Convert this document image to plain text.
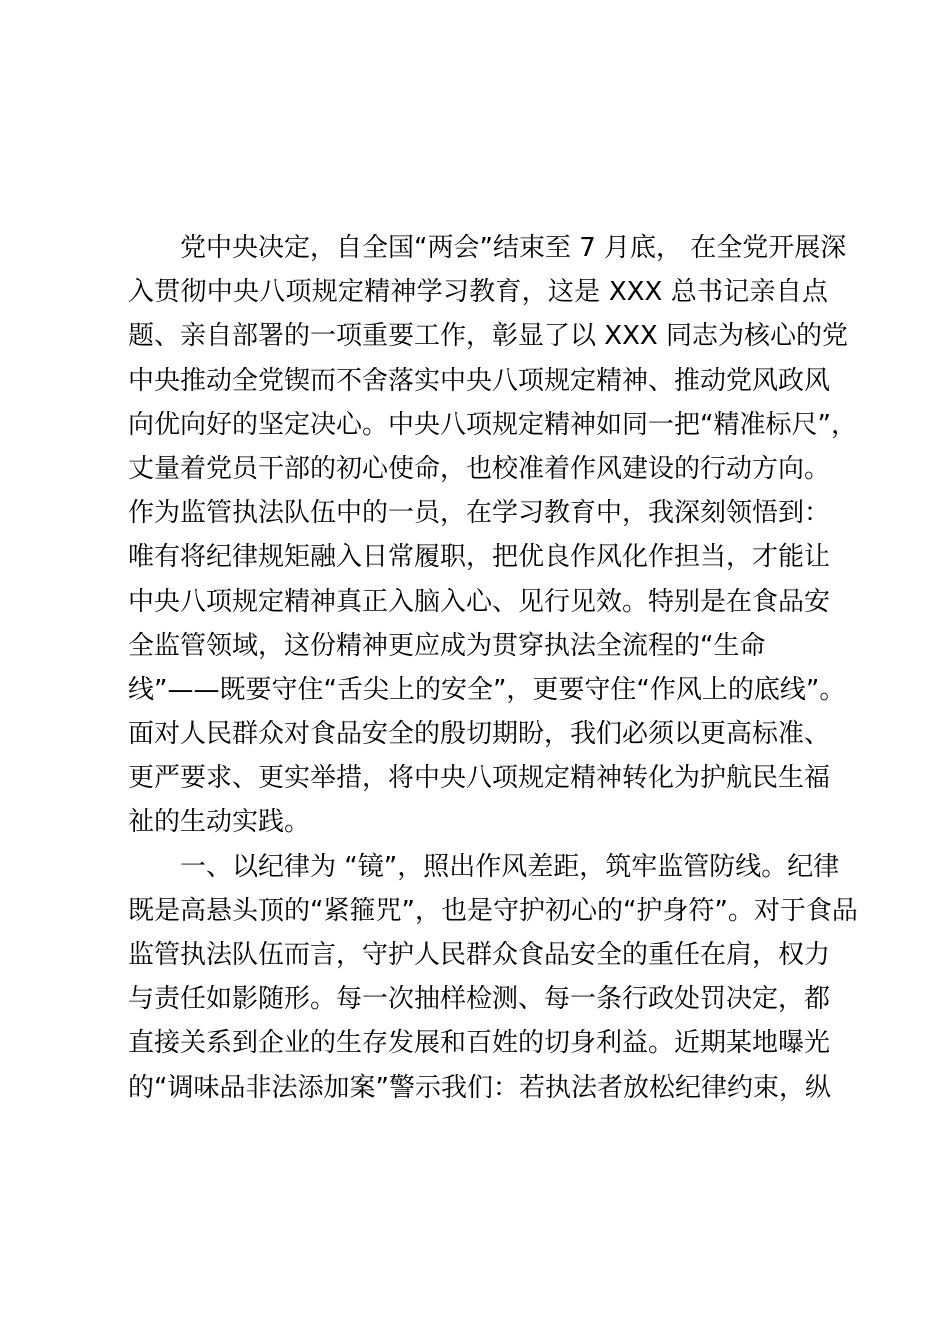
党中央决定，自全国“两会”结束至 7 月底， 在全党开展深
入贯彻中央八项规定精神学习教育，这是 XXX 总书记亲自点
题、亲自部署的一项重要工作，彰显了以 XXX 同志为核心的党
中央推动全党锲而不舍落实中央八项规定精神、推动党风政风
向优向好的坚定决心。中央八项规定精神如同一把“精准标尺”，
丈量着党员干部的初心使命，也校准着作风建设的行动方向。
作为监管执法队伍中的一员，在学习教育中，我深刻领悟到：
唯有将纪律规矩融入日常履职，把优良作风化作担当，才能让
中央八项规定精神真正入脑入心、见行见效。特别是在食品安
全监管领域，这份精神更应成为贯穿执法全流程的“生命
线”——既要守住“舌尖上的安全”，更要守住“作风上的底线”。
面对人民群众对食品安全的殷切期盼，我们必须以更高标准、
更严要求、更实举措，将中央八项规定精神转化为护航民生福
祉的生动实践。
一、以纪律为 “镜”，照出作风差距，筑牢监管防线。纪律
既是高悬头顶的“紧箍咒”，也是守护初心的“护身符”。对于食品
监管执法队伍而言，守护人民群众食品安全的重任在肩，权力
与责任如影随形。每一次抽样检测、每一条行政处罚决定，都
直接关系到企业的生存发展和百姓的切身利益。近期某地曝光
的“调味品非法添加案”警示我们：若执法者放松纪律约束，纵
